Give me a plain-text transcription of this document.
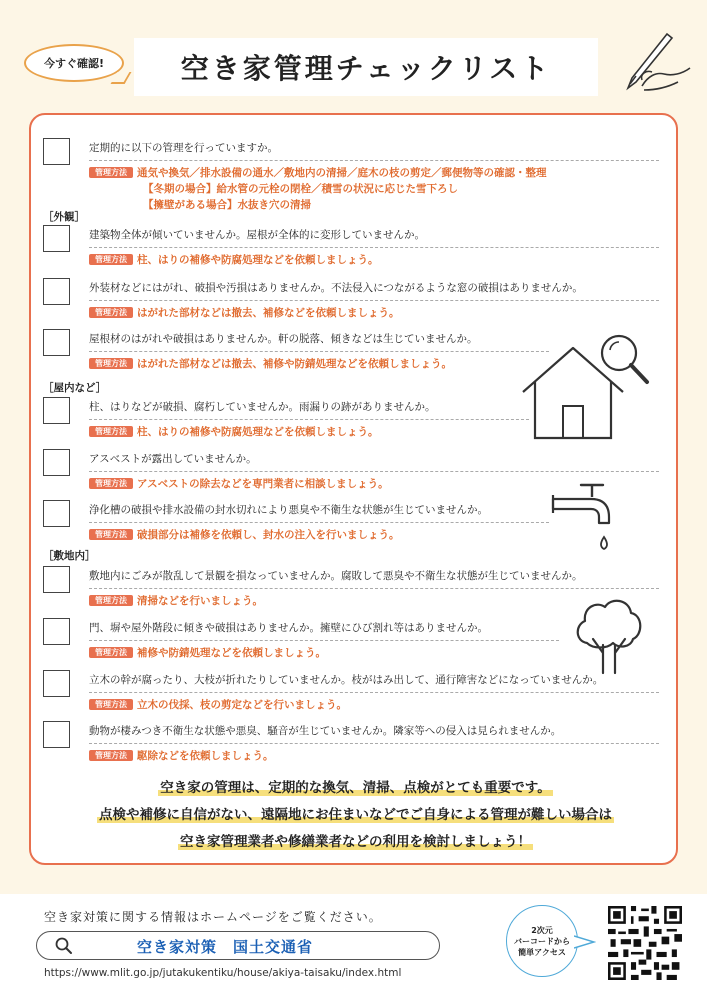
今すぐ確認!	空き家管理チェックリスト
定期的に以下の管理を行っていますか。
管理方法 通気や換気／排水設備の通水／敷地内の清掃／庭木の枝の剪定／郵便物等の確認・整理
【冬期の場合】給水管の元栓の閉栓／積雪の状況に応じた雪下ろし
【擁壁がある場合】水抜き穴の清掃
［外観］
建築物全体が傾いていませんか。屋根が全体的に変形していませんか。
管理方法 柱、はりの補修や防腐処理などを依頼しましょう。
外装材などにはがれ、破損や汚損はありませんか。不法侵入につながるような窓の破損はありませんか。
管理方法 はがれた部材などは撤去、補修などを依頼しましょう。
屋根材のはがれや破損はありませんか。軒の脱落、傾きなどは生じていませんか。
管理方法 はがれた部材などは撤去、補修や防錆処理などを依頼しましょう。
［屋内など］
柱、はりなどが破損、腐朽していませんか。雨漏りの跡がありませんか。
管理方法 柱、はりの補修や防腐処理などを依頼しましょう。
アスベストが露出していませんか。
管理方法 アスベストの除去などを専門業者に相談しましょう。
浄化槽の破損や排水設備の封水切れにより悪臭や不衛生な状態が生じていませんか。
管理方法 破損部分は補修を依頼し、封水の注入を行いましょう。
［敷地内］
敷地内にごみが散乱して景観を損なっていませんか。腐敗して悪臭や不衛生な状態が生じていませんか。
管理方法 清掃などを行いましょう。
門、塀や屋外階段に傾きや破損はありませんか。擁壁にひび割れ等はありませんか。
管理方法 補修や防錆処理などを依頼しましょう。
立木の幹が腐ったり、大枝が折れたりしていませんか。枝がはみ出して、通行障害などになっていませんか。
管理方法 立木の伐採、枝の剪定などを行いましょう。
動物が棲みつき不衛生な状態や悪臭、騒音が生じていませんか。隣家等への侵入は見られませんか。
管理方法 駆除などを依頼しましょう。
空き家の管理は、定期的な換気、清掃、点検がとても重要です。
点検や補修に自信がない、遠隔地にお住まいなどでご自身による管理が難しい場合は
空き家管理業者や修繕業者などの利用を検討しましょう！
空き家対策に関する情報はホームページをご覧ください。
空き家対策　国土交通省
https://www.mlit.go.jp/jutakukentiku/house/akiya-taisaku/index.html
2次元
バーコードから
簡単アクセス
